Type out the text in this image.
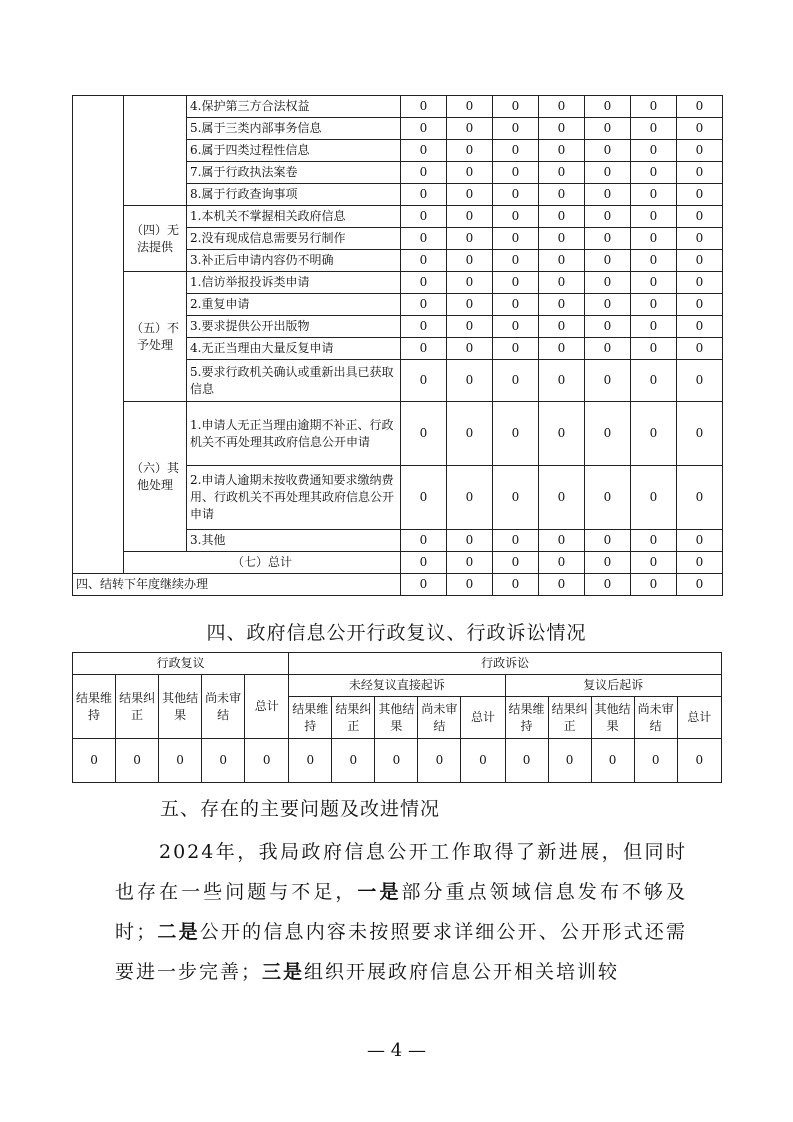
		4.保护第三方合法权益	0	0	0	0	0	0	0
		5.属于三类内部事务信息	0	0	0	0	0	0	0
		6.属于四类过程性信息	0	0	0	0	0	0	0
		7.属于行政执法案卷	0	0	0	0	0	0	0
		8.属于行政查询事项	0	0	0	0	0	0	0
	（四）无法提供	1.本机关不掌握相关政府信息	0	0	0	0	0	0	0
		2.没有现成信息需要另行制作	0	0	0	0	0	0	0
		3.补正后申请内容仍不明确	0	0	0	0	0	0	0
	（五）不予处理	1.信访举报投诉类申请	0	0	0	0	0	0	0
		2.重复申请	0	0	0	0	0	0	0
		3.要求提供公开出版物	0	0	0	0	0	0	0
		4.无正当理由大量反复申请	0	0	0	0	0	0	0
		5.要求行政机关确认或重新出具已获取信息	0	0	0	0	0	0	0
	（六）其他处理	1.申请人无正当理由逾期不补正、行政机关不再处理其政府信息公开申请	0	0	0	0	0	0	0
		2.申请人逾期未按收费通知要求缴纳费用、行政机关不再处理其政府信息公开申请	0	0	0	0	0	0	0
		3.其他	0	0	0	0	0	0	0
	（七）总计		0	0	0	0	0	0	0
四、结转下年度继续办理			0	0	0	0	0	0	0
四、政府信息公开行政复议、行政诉讼情况
行政复议					行政诉讼									
结果维持	结果纠正	其他结果	尚未审结	总计	未经复议直接起诉					复议后起诉				
					结果维持	结果纠正	其他结果	尚未审结	总计	结果维持	结果纠正	其他结果	尚未审结	总计
0	0	0	0	0	0	0	0	0	0	0	0	0	0	0
五、存在的主要问题及改进情况
2024年，我局政府信息公开工作取得了新进展，但同时也存在一些问题与不足，一是部分重点领域信息发布不够及时；二是公开的信息内容未按照要求详细公开、公开形式还需要进一步完善；三是组织开展政府信息公开相关培训较
— 4 —
